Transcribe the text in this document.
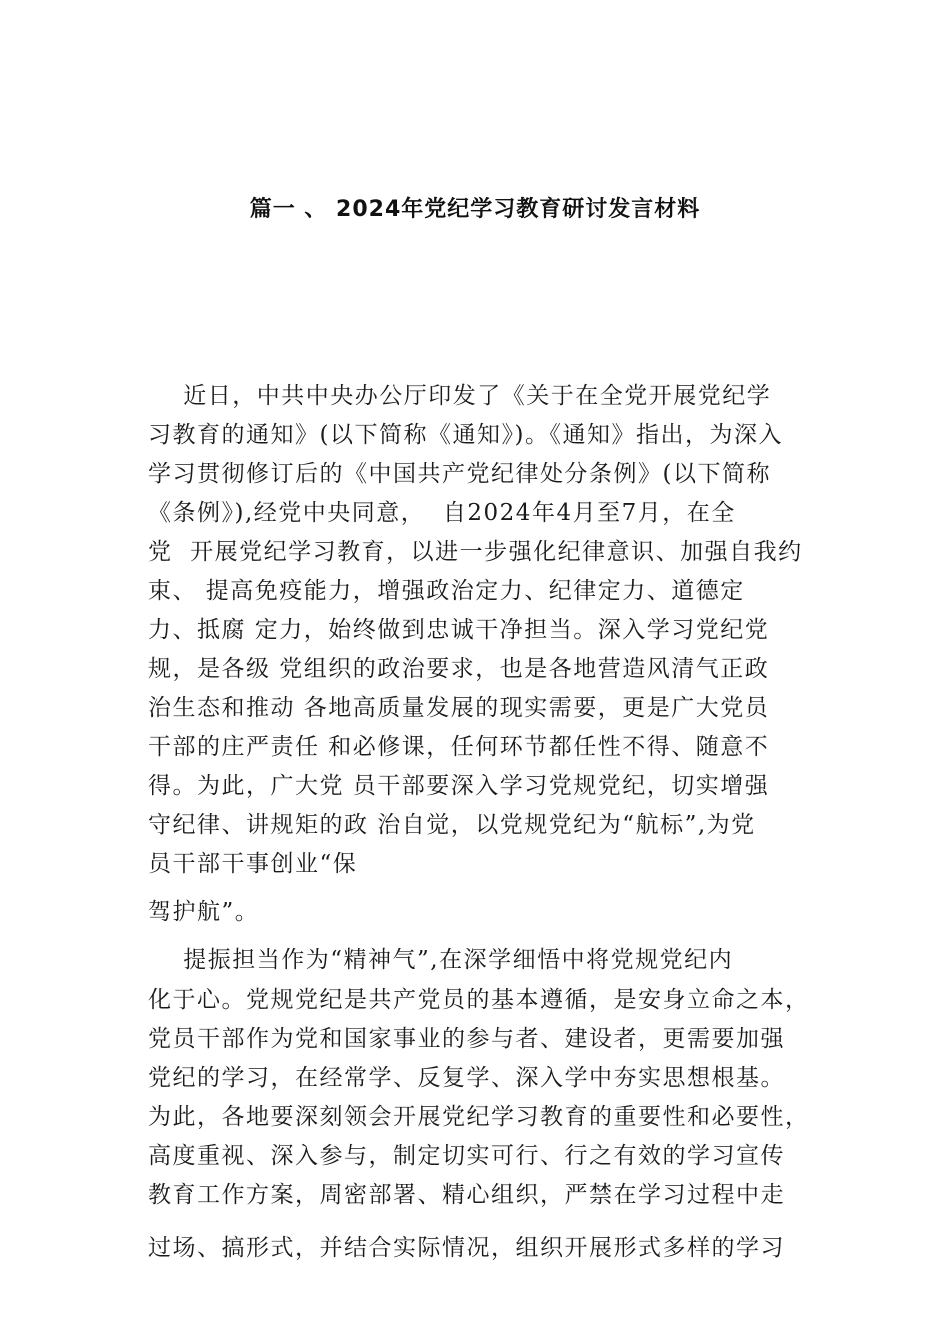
篇一 、 2024年党纪学习教育研讨发言材料
近日，中共中央办公厅印发了《关于在全党开展党纪学
习教育的通知》(以下简称《通知》)。《通知》指出，为深入
学习贯彻修订后的《中国共产党纪律处分条例》(以下简称
《条例》),经党中央同意，  自2024年4月至7月，在全
党  开展党纪学习教育，以进一步强化纪律意识、加强自我约
束、 提高免疫能力，增强政治定力、纪律定力、道德定
力、抵腐 定力，始终做到忠诚干净担当。深入学习党纪党
规，是各级 党组织的政治要求，也是各地营造风清气正政
治生态和推动 各地高质量发展的现实需要，更是广大党员
干部的庄严责任 和必修课，任何环节都任性不得、随意不
得。为此，广大党 员干部要深入学习党规党纪，切实增强
守纪律、讲规矩的政 治自觉，以党规党纪为“航标”,为党
员干部干事创业“保
驾护航”。
提振担当作为“精神气”,在深学细悟中将党规党纪内
化于心。党规党纪是共产党员的基本遵循，是安身立命之本，
党员干部作为党和国家事业的参与者、建设者，更需要加强
党纪的学习，在经常学、反复学、深入学中夯实思想根基。
为此，各地要深刻领会开展党纪学习教育的重要性和必要性，
高度重视、深入参与，制定切实可行、行之有效的学习宣传
教育工作方案，周密部署、精心组织，严禁在学习过程中走
过场、搞形式，并结合实际情况，组织开展形式多样的学习
